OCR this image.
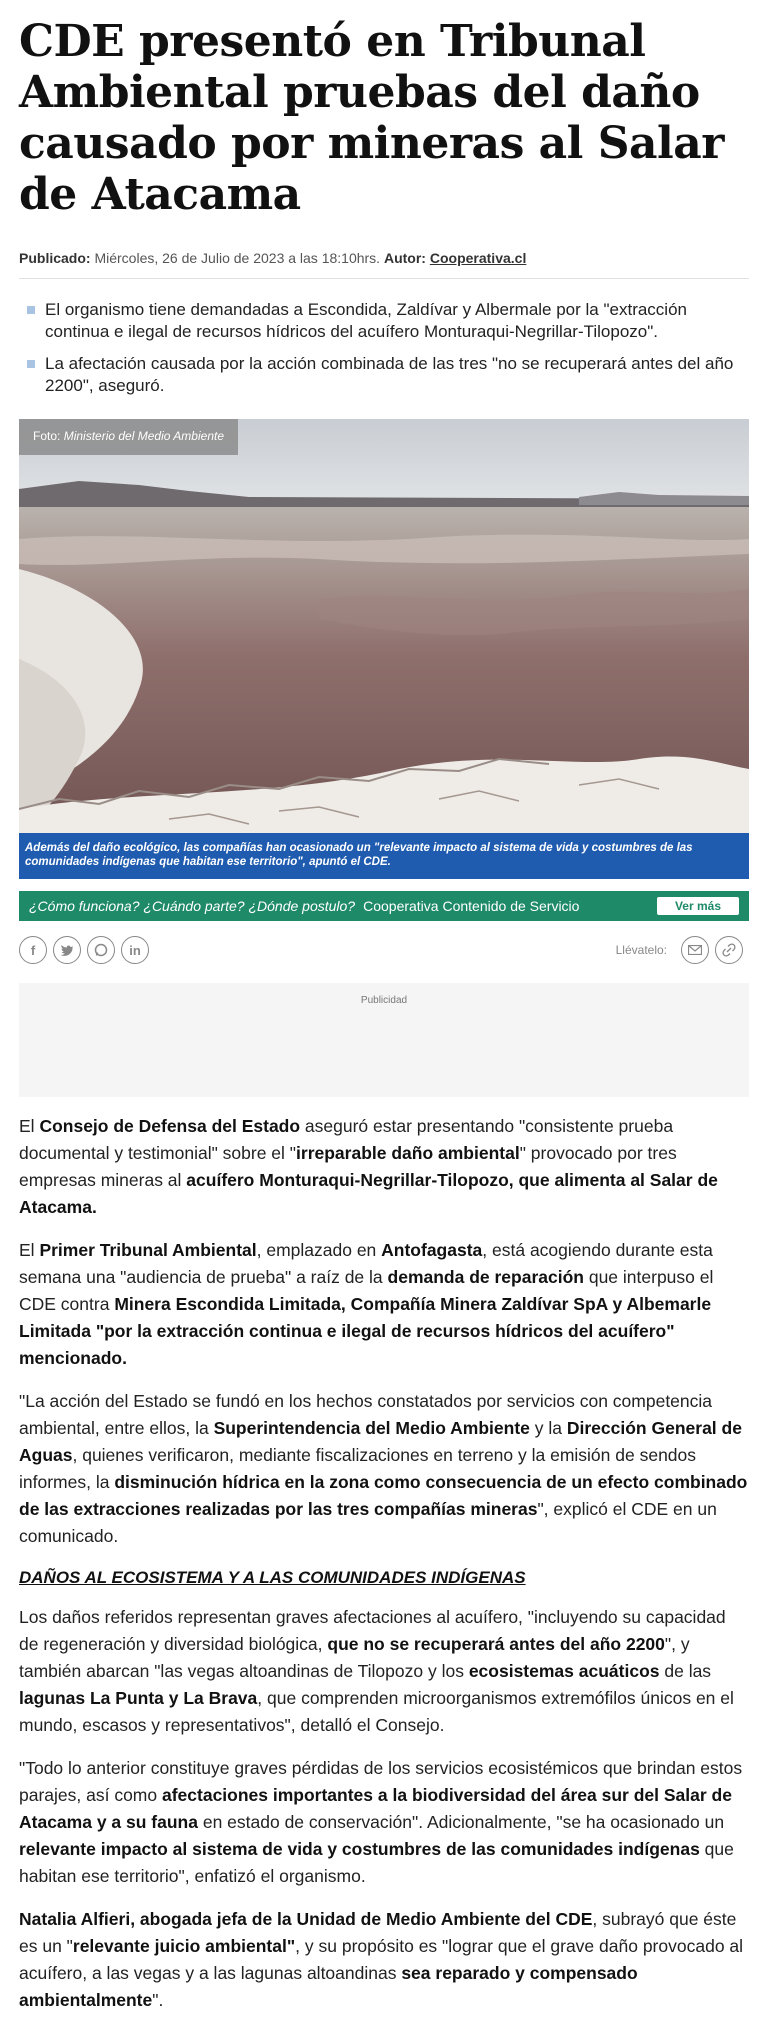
CDE presentó en Tribunal Ambiental pruebas del daño causado por mineras al Salar de Atacama
Publicado: Miércoles, 26 de Julio de 2023 a las 18:10hrs. Autor: Cooperativa.cl
El organismo tiene demandadas a Escondida, Zaldívar y Albermale por la "extracción continua e ilegal de recursos hídricos del acuífero Monturaqui-Negrillar-Tilopozo".
La afectación causada por la acción combinada de las tres "no se recuperará antes del año 2200", aseguró.
Foto: Ministerio del Medio Ambiente
Además del daño ecológico, las compañías han ocasionado un "relevante impacto al sistema de vida y costumbres de las comunidades indígenas que habitan ese territorio", apuntó el CDE.
¿Cómo funciona? ¿Cuándo parte? ¿Dónde postulo? Cooperativa Contenido de Servicio	Ver más
f	in	Llévatelo:
Publicidad

El Consejo de Defensa del Estado aseguró estar presentando "consistente prueba documental y testimonial" sobre el "irreparable daño ambiental" provocado por tres empresas mineras al acuífero Monturaqui-Negrillar-Tilopozo, que alimenta al Salar de Atacama.

El Primer Tribunal Ambiental, emplazado en Antofagasta, está acogiendo durante esta semana una "audiencia de prueba" a raíz de la demanda de reparación que interpuso el CDE contra Minera Escondida Limitada, Compañía Minera Zaldívar SpA y Albemarle Limitada "por la extracción continua e ilegal de recursos hídricos del acuífero" mencionado.

"La acción del Estado se fundó en los hechos constatados por servicios con competencia ambiental, entre ellos, la Superintendencia del Medio Ambiente y la Dirección General de Aguas, quienes verificaron, mediante fiscalizaciones en terreno y la emisión de sendos informes, la disminución hídrica en la zona como consecuencia de un efecto combinado de las extracciones realizadas por las tres compañías mineras", explicó el CDE en un comunicado.

DAÑOS AL ECOSISTEMA Y A LAS COMUNIDADES INDÍGENAS

Los daños referidos representan graves afectaciones al acuífero, "incluyendo su capacidad de regeneración y diversidad biológica, que no se recuperará antes del año 2200", y también abarcan "las vegas altoandinas de Tilopozo y los ecosistemas acuáticos de las lagunas La Punta y La Brava, que comprenden microorganismos extremófilos únicos en el mundo, escasos y representativos", detalló el Consejo.

"Todo lo anterior constituye graves pérdidas de los servicios ecosistémicos que brindan estos parajes, así como afectaciones importantes a la biodiversidad del área sur del Salar de Atacama y a su fauna en estado de conservación". Adicionalmente, "se ha ocasionado un relevante impacto al sistema de vida y costumbres de las comunidades indígenas que habitan ese territorio", enfatizó el organismo.

Natalia Alfieri, abogada jefa de la Unidad de Medio Ambiente del CDE, subrayó que éste es un "relevante juicio ambiental", y su propósito es "lograr que el grave daño provocado al acuífero, a las vegas y a las lagunas altoandinas sea reparado y compensado ambientalmente".
